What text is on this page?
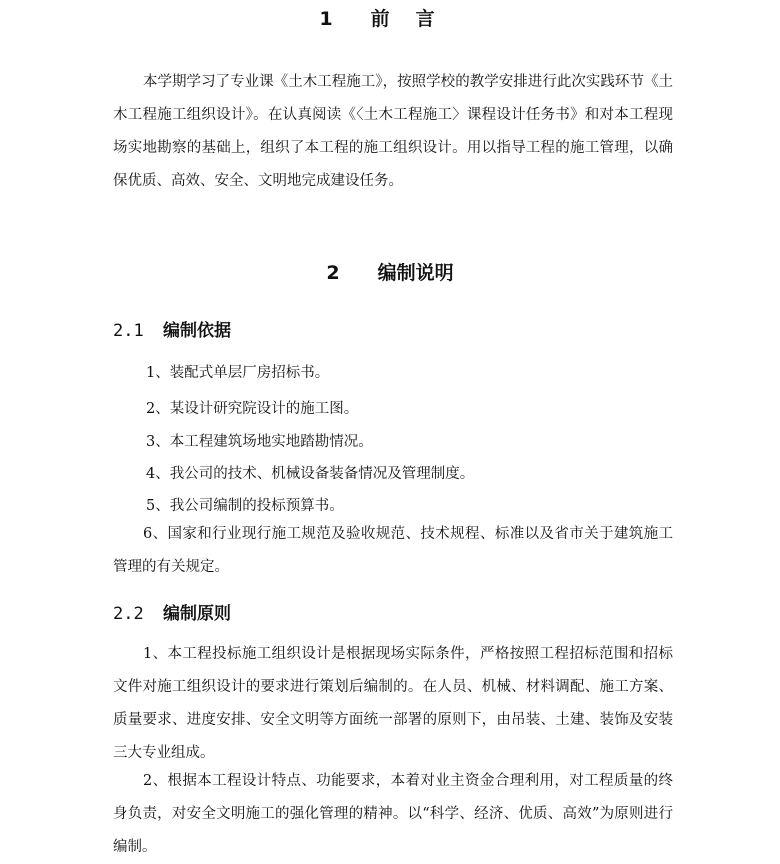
1 前言
本学期学习了专业课《土木工程施工》，按照学校的教学安排进行此次实践环节《土木工程施工组织设计》。在认真阅读《〈土木工程施工〉课程设计任务书》和对本工程现场实地勘察的基础上，组织了本工程的施工组织设计。用以指导工程的施工管理，以确保优质、高效、安全、文明地完成建设任务。
2 编制说明
2.1 编制依据
1、装配式单层厂房招标书。
2、某设计研究院设计的施工图。
3、本工程建筑场地实地踏勘情况。
4、我公司的技术、机械设备装备情况及管理制度。
5、我公司编制的投标预算书。
6、国家和行业现行施工规范及验收规范、技术规程、标准以及省市关于建筑施工管理的有关规定。
2.2 编制原则
1、本工程投标施工组织设计是根据现场实际条件，严格按照工程招标范围和招标文件对施工组织设计的要求进行策划后编制的。在人员、机械、材料调配、施工方案、质量要求、进度安排、安全文明等方面统一部署的原则下，由吊装、土建、装饰及安装三大专业组成。
2、根据本工程设计特点、功能要求，本着对业主资金合理利用，对工程质量的终身负责，对安全文明施工的强化管理的精神。以“科学、经济、优质、高效”为原则进行编制。
